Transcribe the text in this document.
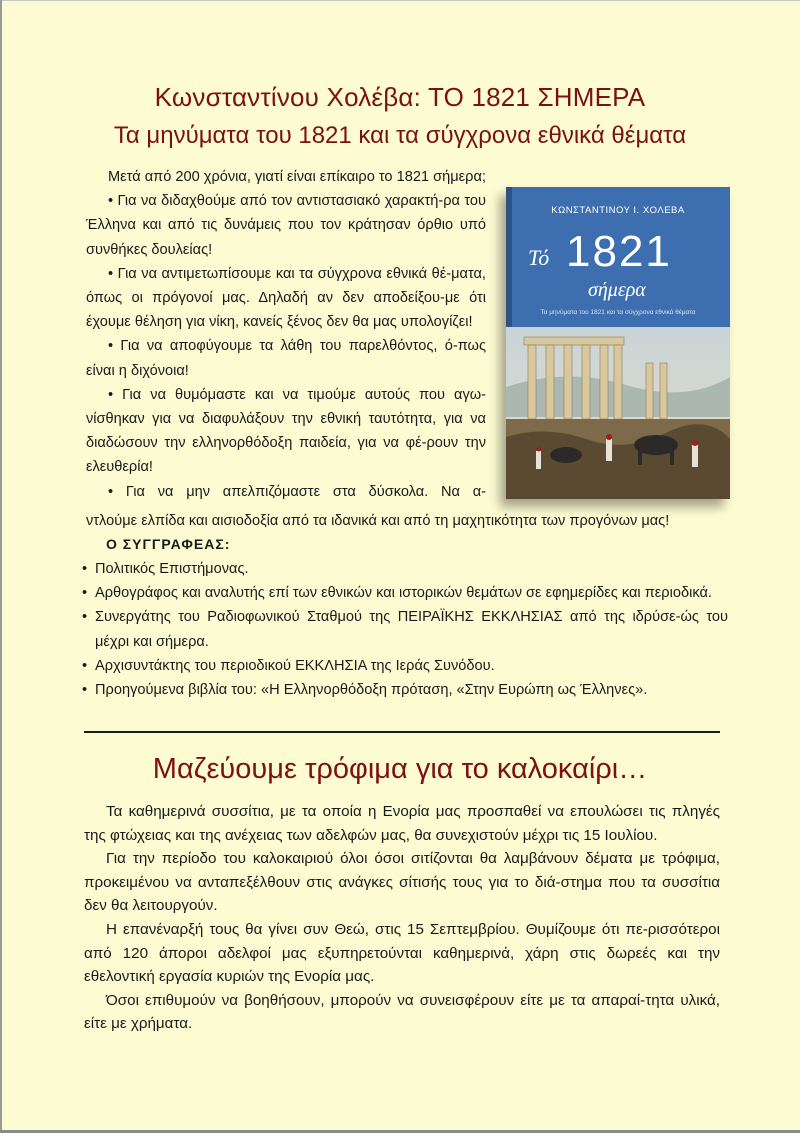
Κωνσταντίνου Χολέβα: ΤΟ 1821 ΣΗΜΕΡΑ
Τα μηνύματα του 1821 και τα σύγχρονα εθνικά θέματα

Μετά από 200 χρόνια, γιατί είναι επίκαιρο το 1821 σήμερα;

• Για να διδαχθούμε από τον αντιστασιακό χαρακτή-ρα του Έλληνα και από τις δυνάμεις που τον κράτησαν όρθιο υπό συνθήκες δουλείας!

• Για να αντιμετωπίσουμε και τα σύγχρονα εθνικά θέ-ματα, όπως οι πρόγονοί μας. Δηλαδή αν δεν αποδείξου-με ότι έχουμε θέληση για νίκη, κανείς ξένος δεν θα μας υπολογίζει!

• Για να αποφύγουμε τα λάθη του παρελθόντος, ό-πως είναι η διχόνοια!

• Για να θυμόμαστε και να τιμούμε αυτούς που αγω-νίσθηκαν για να διαφυλάξουν την εθνική ταυτότητα, για να διαδώσουν την ελληνορθόδοξη παιδεία, για να φέ-ρουν την ελευθερία!

• Για να μην απελπιζόμαστε στα δύσκολα. Να α-

ντλούμε ελπίδα και αισιοδοξία από τα ιδανικά και από τη μαχητικότητα των προγόνων μας!

ΚΩΝΣΤΑΝΤΙΝΟΥ Ι. ΧΟΛΕΒΑ
Τό 1821
σήμερα
Τα μηνύματα του 1821 και τα σύγχρονα εθνικά θέματα
Ο ΣΥΓΓΡΑΦΕΑΣ:
• Πολιτικός Επιστήμονας.
• Αρθογράφος και αναλυτής επί των εθνικών και ιστορικών θεμάτων σε εφημερίδες και περιοδικά.
• Συνεργάτης του Ραδιοφωνικού Σταθμού της ΠΕΙΡΑΪΚΗΣ ΕΚΚΛΗΣΙΑΣ από της ιδρύσε-ώς του μέχρι και σήμερα.
• Αρχισυντάκτης του περιοδικού ΕΚΚΛΗΣΙΑ της Ιεράς Συνόδου.
• Προηγούμενα βιβλία του: «Η Ελληνορθόδοξη πρόταση, «Στην Ευρώπη ως Έλληνες».
Μαζεύουμε τρόφιμα για το καλοκαίρι…

Τα καθημερινά συσσίτια, με τα οποία η Ενορία μας προσπαθεί να επουλώσει τις πληγές της φτώχειας και της ανέχειας των αδελφών μας, θα συνεχιστούν μέχρι τις 15 Ιουλίου.

Για την περίοδο του καλοκαιριού όλοι όσοι σιτίζονται θα λαμβάνουν δέματα με τρόφιμα, προκειμένου να ανταπεξέλθουν στις ανάγκες σίτισής τους για το διά-στημα που τα συσσίτια δεν θα λειτουργούν.

Η επανέναρξή τους θα γίνει συν Θεώ, στις 15 Σεπτεμβρίου. Θυμίζουμε ότι πε-ρισσότεροι από 120 άποροι αδελφοί μας εξυπηρετούνται καθημερινά, χάρη στις δωρεές και την εθελοντική εργασία κυριών της Ενορία μας.

Όσοι επιθυμούν να βοηθήσουν, μπορούν να συνεισφέρουν είτε με τα απαραί-τητα υλικά, είτε με χρήματα.
